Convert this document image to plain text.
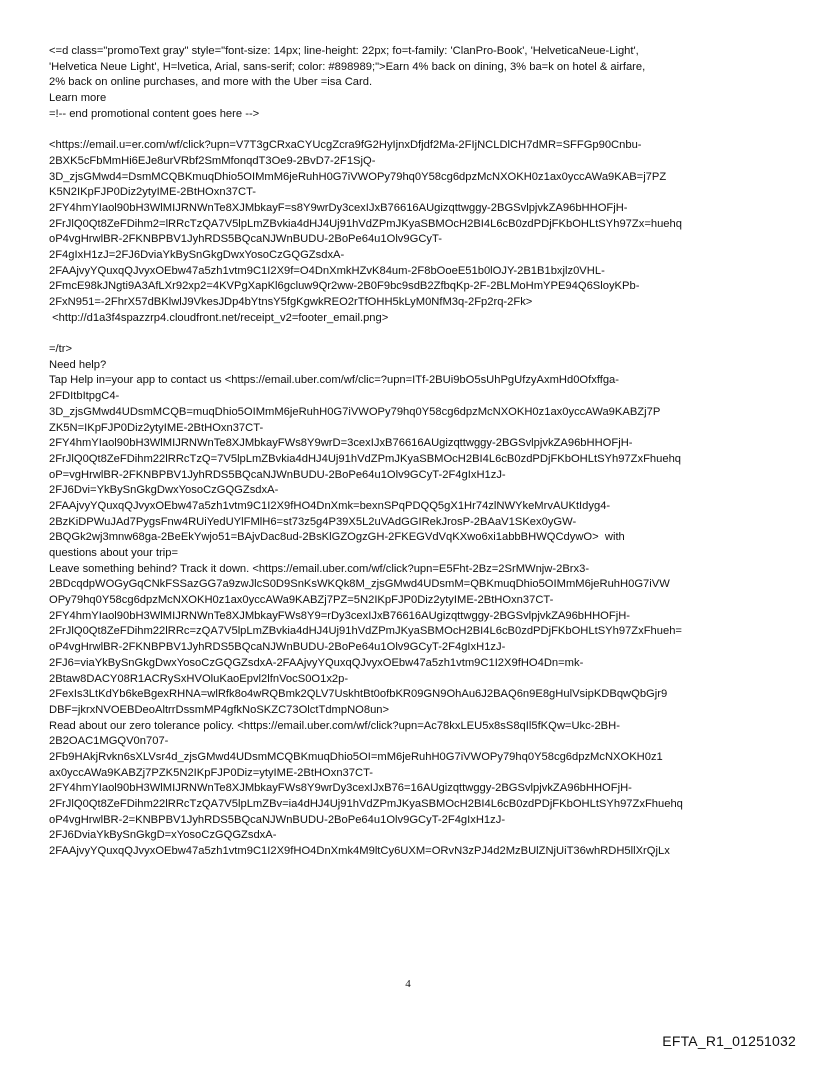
<=d class="promoText gray" style="font-size: 14px; line-height: 22px; fo=t-family: 'ClanPro-Book', 'HelveticaNeue-Light',
'Helvetica Neue Light', H=lvetica, Arial, sans-serif; color: #898989;">Earn 4% back on dining, 3% ba=k on hotel & airfare,
2% back on online purchases, and more with the Uber =isa Card.
Learn more
=!-- end promotional content goes here -->
<https://email.u=er.com/wf/click?upn=V7T3gCRxaCYUcgZcra9fG2HyIjnxDfjdf2Ma-2FIjNCLDlCH7dMR=SFFGp90Cnbu-
2BXK5cFbMmHi6EJe8urVRbf2SmMfonqdT3Oe9-2BvD7-2F1SjQ-
3D_zjsGMwd4=DsmMCQBKmuqDhio5OIMmM6jeRuhH0G7iVWOPy79hq0Y58cg6dpzMcNXOKH0z1ax0yccAWa9KAB=j7PZ
K5N2IKpFJP0Diz2ytyIME-2BtHOxn37CT-
2FY4hmYIaol90bH3WlMIJRNWnTe8XJMbkayF=s8Y9wrDy3cexIJxB76616AUgizqttwggy-2BGSvlpjvkZA96bHHOFjH-
2FrJlQ0Qt8ZeFDihm2=lRRcTzQA7V5lpLmZBvkia4dHJ4Uj91hVdZPmJKyaSBMOcH2BI4L6cB0zdPDjFKbOHLtSYh97Zx=huehq
oP4vgHrwlBR-2FKNBPBV1JyhRDS5BQcaNJWnBUDU-2BoPe64u1Olv9GCyT-
2F4gIxH1zJ=2FJ6DviaYkBySnGkgDwxYosoCzGQGZsdxA-
2FAAjvyYQuxqQJvyxOEbw47a5zh1vtm9C1I2X9f=O4DnXmkHZvK84um-2F8bOoeE51b0lOJY-2B1B1bxjlz0VHL-
2FmcE98kJNgti9A3AfLXr92xp2=4KVPgXapKl6gcluw9Qr2ww-2B0F9bc9sdB2ZfbqKp-2F-2BLMoHmYPE94Q6SloyKPb-
2FxN951=-2FhrX57dBKlwlJ9VkesJDp4bYtnsY5fgKgwkREO2rTfOHH5kLyM0NfM3q-2Fp2rq-2Fk>
<http://d1a3f4spazzrp4.cloudfront.net/receipt_v2=footer_email.png>
=/tr>
Need help?
Tap Help in=your app to contact us <https://email.uber.com/wf/clic=?upn=ITf-2BUi9bO5sUhPgUfzyAxmHd0Ofxffga-
2FDItbItpgC4-
3D_zjsGMwd4UDsmMCQB=muqDhio5OIMmM6jeRuhH0G7iVWOPy79hq0Y58cg6dpzMcNXOKH0z1ax0yccAWa9KABZj7P
ZK5N=IKpFJP0Diz2ytyIME-2BtHOxn37CT-
2FY4hmYIaol90bH3WlMIJRNWnTe8XJMbkayFWs8Y9wrD=3cexIJxB76616AUgizqttwggy-2BGSvlpjvkZA96bHHOFjH-
2FrJlQ0Qt8ZeFDihm22lRRcTzQ=7V5lpLmZBvkia4dHJ4Uj91hVdZPmJKyaSBMOcH2BI4L6cB0zdPDjFKbOHLtSYh97ZxFhuehq
oP=vgHrwlBR-2FKNBPBV1JyhRDS5BQcaNJWnBUDU-2BoPe64u1Olv9GCyT-2F4gIxH1zJ-
2FJ6Dvi=YkBySnGkgDwxYosoCzGQGZsdxA-
2FAAjvyYQuxqQJvyxOEbw47a5zh1vtm9C1I2X9fHO4DnXmk=bexnSPqPDQQ5gX1Hr74zlNWYkeMrvAUKtIdyg4-
2BzKiDPWuJAd7PygsFnw4RUiYedUYlFMlH6=st73z5g4P39X5L2uVAdGGIRekJrosP-2BAaV1SKex0yGW-
2BQGk2wj3mnw68ga-2BeEkYwjo51=BAjvDac8ud-2BsKlGZOgzGH-2FKEGVdVqKXwo6xi1abbBHWQCdywO>  with
questions about your trip=
Leave something behind? Track it down. <https://email.uber.com/wf/click?upn=E5Fht-2Bz=2SrMWnjw-2Brx3-
2BDcqdpWOGyGqCNkFSSazGG7a9zwJlcS0D9SnKsWKQk8M_zjsGMwd4UDsmM=QBKmuqDhio5OIMmM6jeRuhH0G7iVW
OPy79hq0Y58cg6dpzMcNXOKH0z1ax0yccAWa9KABZj7PZ=5N2IKpFJP0Diz2ytyIME-2BtHOxn37CT-
2FY4hmYIaol90bH3WlMIJRNWnTe8XJMbkayFWs8Y9=rDy3cexIJxB76616AUgizqttwggy-2BGSvlpjvkZA96bHHOFjH-
2FrJlQ0Qt8ZeFDihm22lRRc=zQA7V5lpLmZBvkia4dHJ4Uj91hVdZPmJKyaSBMOcH2BI4L6cB0zdPDjFKbOHLtSYh97ZxFhueh=
oP4vgHrwlBR-2FKNBPBV1JyhRDS5BQcaNJWnBUDU-2BoPe64u1Olv9GCyT-2F4gIxH1zJ-
2FJ6=viaYkBySnGkgDwxYosoCzGQGZsdxA-2FAAjvyYQuxqQJvyxOEbw47a5zh1vtm9C1I2X9fHO4Dn=mk-
2Btaw8DACY08R1ACRySxHVOluKaoEpvl2lfnVocS0O1x2p-
2FexIs3LtKdYb6keBgexRHNA=wlRfk8o4wRQBmk2QLV7UskhtBt0ofbKR09GN9OhAu6J2BAQ6n9E8gHulVsipKDBqwQbGjr9
DBF=jkrxNVOEBDeoAltrrDssmMP4gfkNoSKZC73OlctTdmpNO8un>
Read about our zero tolerance policy. <https://email.uber.com/wf/click?upn=Ac78kxLEU5x8sS8qIl5fKQw=Ukc-2BH-
2B2OAC1MGQV0n707-
2Fb9HAkjRvkn6sXLVsr4d_zjsGMwd4UDsmMCQBKmuqDhio5OI=mM6jeRuhH0G7iVWOPy79hq0Y58cg6dpzMcNXOKH0z1
ax0yccAWa9KABZj7PZK5N2IKpFJP0Diz=ytyIME-2BtHOxn37CT-
2FY4hmYIaol90bH3WlMIJRNWnTe8XJMbkayFWs8Y9wrDy3cexIJxB76=16AUgizqttwggy-2BGSvlpjvkZA96bHHOFjH-
2FrJlQ0Qt8ZeFDihm22lRRcTzQA7V5lpLmZBv=ia4dHJ4Uj91hVdZPmJKyaSBMOcH2BI4L6cB0zdPDjFKbOHLtSYh97ZxFhuehq
oP4vgHrwlBR-2=KNBPBV1JyhRDS5BQcaNJWnBUDU-2BoPe64u1Olv9GCyT-2F4gIxH1zJ-
2FJ6DviaYkBySnGkgD=xYosoCzGQGZsdxA-
2FAAjvyYQuxqQJvyxOEbw47a5zh1vtm9C1I2X9fHO4DnXmk4M9ltCy6UXM=ORvN3zPJ4d2MzBUlZNjUiT36whRDH5llXrQjLx
4
EFTA_R1_01251032
